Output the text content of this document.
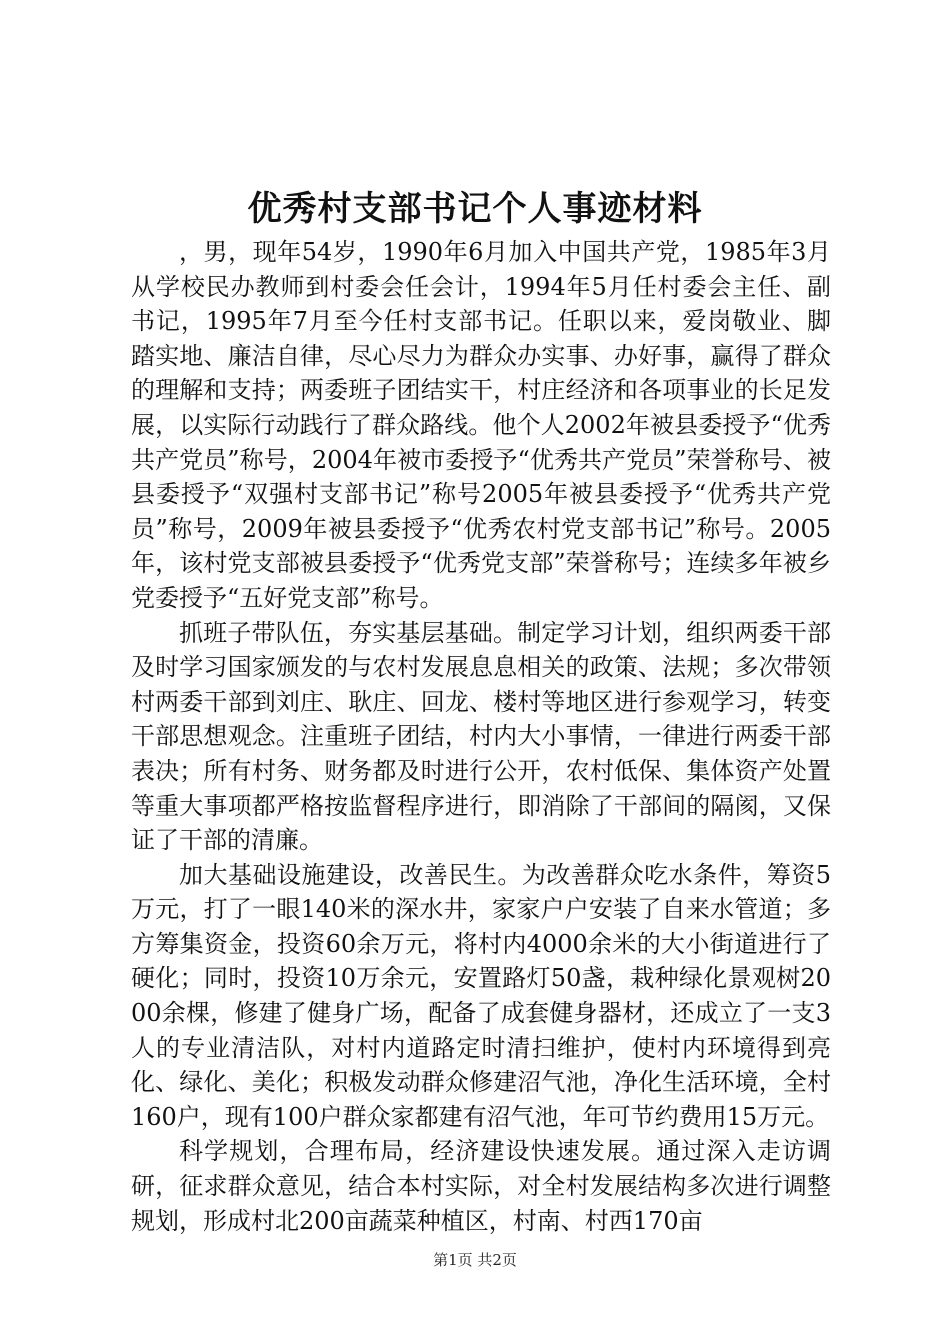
优秀村支部书记个人事迹材料

，男，现年54岁，1990年6月加入中国共产党，1985年3月从学校民办教师到村委会任会计，1994年5月任村委会主任、副书记，1995年7月至今任村支部书记。任职以来，爱岗敬业、脚踏实地、廉洁自律，尽心尽力为群众办实事、办好事，赢得了群众的理解和支持；两委班子团结实干，村庄经济和各项事业的长足发展，以实际行动践行了群众路线。他个人2002年被县委授予“优秀共产党员”称号，2004年被市委授予“优秀共产党员”荣誉称号、被县委授予“双强村支部书记”称号2005年被县委授予“优秀共产党员”称号，2009年被县委授予“优秀农村党支部书记”称号。2005年，该村党支部被县委授予“优秀党支部”荣誉称号；连续多年被乡党委授予“五好党支部”称号。

抓班子带队伍，夯实基层基础。制定学习计划，组织两委干部及时学习国家颁发的与农村发展息息相关的政策、法规；多次带领村两委干部到刘庄、耿庄、回龙、楼村等地区进行参观学习，转变干部思想观念。注重班子团结，村内大小事情，一律进行两委干部表决；所有村务、财务都及时进行公开，农村低保、集体资产处置等重大事项都严格按监督程序进行，即消除了干部间的隔阂，又保证了干部的清廉。

加大基础设施建设，改善民生。为改善群众吃水条件，筹资5万元，打了一眼140米的深水井，家家户户安装了自来水管道；多方筹集资金，投资60余万元，将村内4000余米的大小街道进行了硬化；同时，投资10万余元，安置路灯50盏，栽种绿化景观树2000余棵，修建了健身广场，配备了成套健身器材，还成立了一支3人的专业清洁队，对村内道路定时清扫维护，使村内环境得到亮化、绿化、美化；积极发动群众修建沼气池，净化生活环境，全村160户，现有100户群众家都建有沼气池，年可节约费用15万元。

科学规划，合理布局，经济建设快速发展。通过深入走访调研，征求群众意见，结合本村实际，对全村发展结构多次进行调整规划，形成村北200亩蔬菜种植区，村南、村西170亩

第1页 共2页
